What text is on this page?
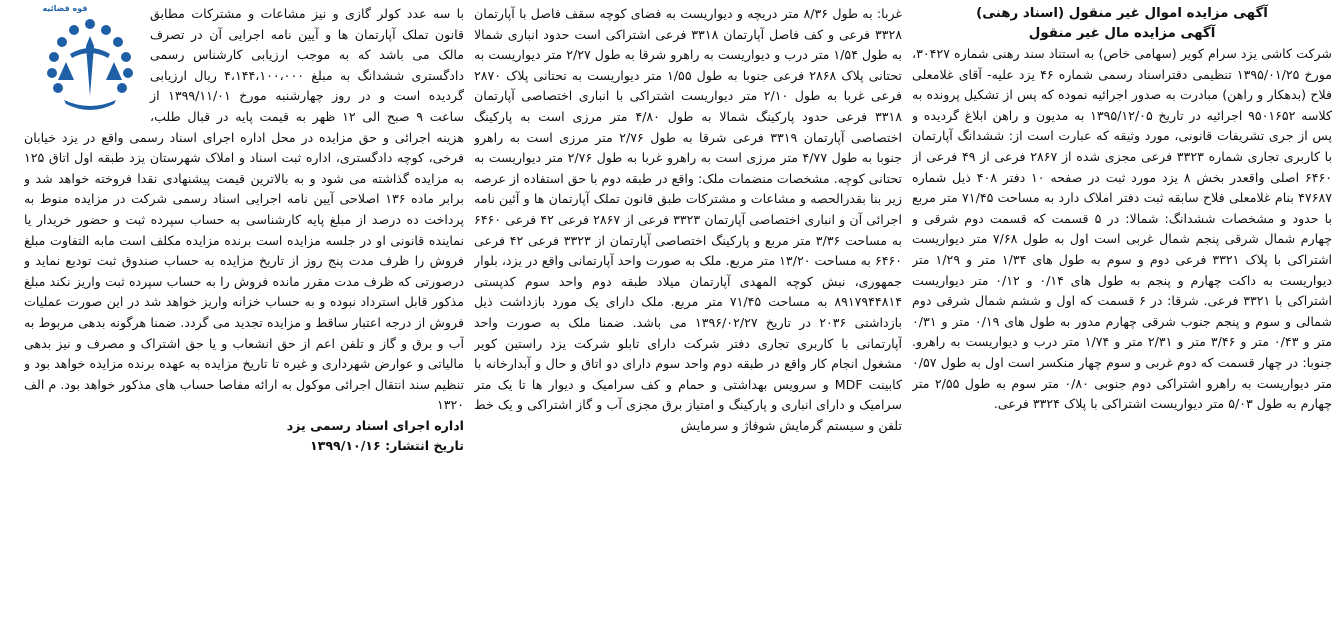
آگهی مزایده اموال غیر منقول (اسناد رهنی)
آگهی مزایده مال غیر منقول

شرکت کاشی یزد سرام کویر (سهامی خاص) به استناد سند رهنی شماره ۳۰۴۲۷، مورخ ۱۳۹۵/۰۱/۲۵ تنظیمی دفتراسناد رسمی شماره ۴۶ یزد علیه- آقای غلامعلی فلاح (بدهکار و راهن) مبادرت به صدور اجرائیه نموده که پس از تشکیل پرونده به کلاسه ۹۵۰۱۶۵۲ اجرائیه در تاریخ ۱۳۹۵/۱۲/۰۵ به مدیون و راهن ابلاغ گردیده و پس از جری تشریفات قانونی، مورد وثیقه که عبارت است از: ششدانگ آپارتمان با کاربری تجاری شماره ۳۳۲۳ فرعی مجزی شده از ۲۸۶۷ فرعی از ۴۹ فرعی از ۶۴۶۰ اصلی واقعدر بخش ۸ یزد مورد ثبت در صفحه ۱۰ دفتر ۴۰۸ ذیل شماره ۴۷۶۸۷ بنام غلامعلی فلاح سابقه ثبت دفتر املاک دارد به مساحت ۷۱/۴۵ متر مربع با حدود و مشخصات ششدانگ: شمالا: در ۵ قسمت که قسمت دوم شرقی و چهارم شمال شرقی پنجم شمال غربی است اول به طول ۷/۶۸ متر دیواریست اشتراکی با پلاک ۳۳۲۱ فرعی دوم و سوم به طول های ۱/۳۴ متر و ۱/۲۹ متر دیواریست به داکت چهارم و پنجم به طول های ۰/۱۴ و ۰/۱۲ متر دیواریست اشتراکی با ۳۳۲۱ فرعی. شرقا: در ۶ قسمت که اول و ششم شمال شرقی دوم شمالی و سوم و پنجم جنوب شرقی چهارم مدور به طول های ۰/۱۹ متر و ۰/۳۱ متر و ۰/۴۳ متر و ۳/۴۶ متر و ۲/۳۱ متر و ۱/۷۴ متر درب و دیواریست به راهرو. جنوبا: در چهار قسمت که دوم غربی و سوم چهار منکسر است اول به طول ۰/۵۷ متر دیواریست به راهرو اشتراکی دوم جنوبی ۰/۸۰ متر سوم به طول ۲/۵۵ متر چهارم به طول ۵/۰۳ متر دیواریست اشتراکی با پلاک ۳۳۲۴ فرعی.

غربا: به طول ۸/۳۶ متر دریچه و دیواریست به فضای کوچه سقف فاصل با آپارتمان ۳۳۲۸ فرعی و کف فاصل آپارتمان ۳۳۱۸ فرعی اشتراکی است حدود انباری شمالا به طول ۱/۵۴ متر درب و دیواریست به راهرو شرقا به طول ۲/۲۷ متر دیواریست به تحتانی پلاک ۲۸۶۸ فرعی جنوبا به طول ۱/۵۵ متر دیواریست به تحتانی پلاک ۲۸۷۰ فرعی غربا به طول ۲/۱۰ متر دیواریست اشتراکی با انباری اختصاصی آپارتمان ۳۳۱۸ فرعی حدود پارکینگ شمالا به طول ۴/۸۰ متر مرزی است به پارکینگ اختصاصی آپارتمان ۳۳۱۹ فرعی شرقا به طول ۲/۷۶ متر مرزی است به راهرو جنوبا به طول ۴/۷۷ متر مرزی است به راهرو غربا به طول ۲/۷۶ متر دیواریست به تحتانی کوچه. مشخصات منضمات ملک: واقع در طبقه دوم با حق استفاده از عرصه زیر بنا بقدرالحصه و مشاعات و مشترکات طبق قانون تملک آپارتمان ها و آئین نامه اجرائی آن و انباری اختصاصی آپارتمان ۳۳۲۳ فرعی از ۲۸۶۷ فرعی ۴۲ فرعی ۶۴۶۰ به مساحت ۳/۳۶ متر مربع و پارکینگ اختصاصی آپارتمان از ۳۳۲۳ فرعی ۴۲ فرعی ۶۴۶۰ به مساحت ۱۳/۲۰ متر مربع. ملک به صورت واحد آپارتمانی واقع در یزد، بلوار جمهوری، نبش کوچه المهدی آپارتمان میلاد طبقه دوم واحد سوم کدپستی ۸۹۱۷۹۴۴۸۱۴ به مساحت ۷۱/۴۵ متر مربع. ملک دارای یک مورد بازداشت ذیل بازداشتی ۲۰۳۶ در تاریخ ۱۳۹۶/۰۲/۲۷ می باشد. ضمنا ملک به صورت واحد آپارتمانی با کاربری تجاری دفتر شرکت دارای تابلو شرکت یزد راستین کویر مشغول انجام کار واقع در طبقه دوم واحد سوم دارای دو اتاق و حال و آبدارخانه با کابینت MDF و سرویس بهداشتی و حمام و کف سرامیک و دیوار ها تا یک متر سرامیک و دارای انباری و پارکینگ و امتیاز برق مجزی آب و گاز اشتراکی و یک خط تلفن و سیستم گرمایش شوفاژ و سرمایش

قوه قضائیه	با سه عدد کولر گازی و نیز مشاعات و مشترکات مطابق قانون تملک آپارتمان ها و آیین نامه اجرایی آن در تصرف مالک می باشد که به موجب ارزیابی کارشناس رسمی دادگستری ششدانگ به مبلغ ۴،۱۴۴،۱۰۰،۰۰۰ ریال ارزیابی گردیده است و در روز چهارشنبه مورخ ۱۳۹۹/۱۱/۰۱ از ساعت ۹ صبح الی ۱۲ ظهر به قیمت پایه در قبال طلب، هزینه اجرائی و حق مزایده در محل اداره اجرای اسناد رسمی واقع در یزد خیابان فرخی، کوچه دادگستری، اداره ثبت اسناد و املاک شهرستان یزد طبقه اول اتاق ۱۲۵ به مزایده گذاشته می شود و به بالاترین قیمت پیشنهادی نقدا فروخته خواهد شد و برابر ماده ۱۳۶ اصلاحی آیین نامه اجرایی اسناد رسمی شرکت در مزایده منوط به پرداخت ده درصد از مبلغ پایه کارشناسی به حساب سپرده ثبت و حضور خریدار یا نماینده قانونی او در جلسه مزایده است برنده مزایده مکلف است مابه التفاوت مبلغ فروش را ظرف مدت پنج روز از تاریخ مزایده به حساب صندوق ثبت تودیع نماید و درصورتی که ظرف مدت مقرر مانده فروش را به حساب سپرده ثبت واریز نکند مبلغ مذکور قابل استرداد نبوده و به حساب خزانه واریز خواهد شد در این صورت عملیات فروش از درجه اعتبار ساقط و مزایده تجدید می گردد. ضمنا هرگونه بدهی مربوط به آب و برق و گاز و تلفن اعم از حق انشعاب و یا حق اشتراک و مصرف و نیز بدهی مالیاتی و عوارض شهرداری و غیره تا تاریخ مزایده به عهده برنده مزایده خواهد بود و تنظیم سند انتقال اجرائی موکول به ارائه مفاصا حساب های مذکور خواهد بود. م الف ۱۳۲۰

اداره اجرای اسناد رسمی یزد
تاریخ انتشار: ۱۳۹۹/۱۰/۱۶
